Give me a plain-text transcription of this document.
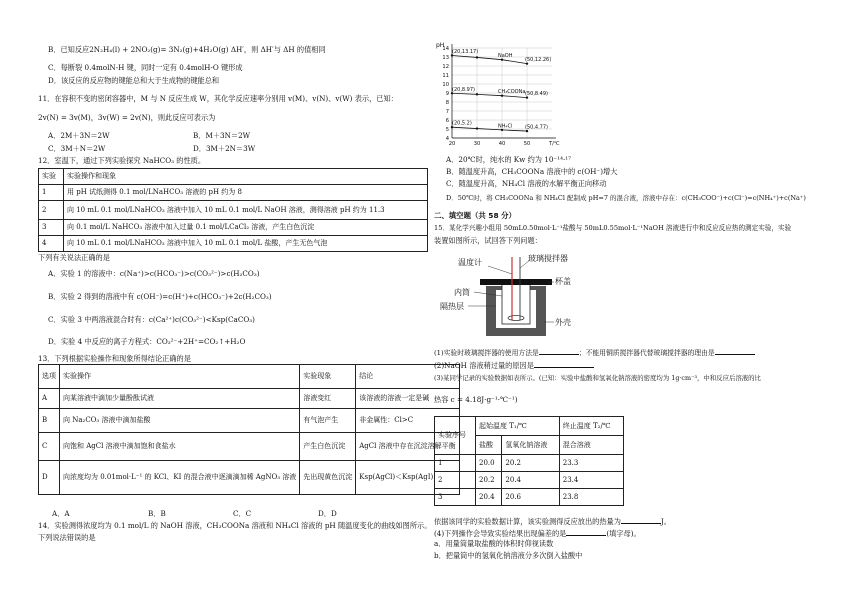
B．已知反应2N₂H₄(l) + 2NO₂(g)= 3N₂(g)+4H₂O(g) ΔH′，则 ΔH′与 ΔH 的值相同
C．每断裂 0.4molN-H 键，同时一定有 0.4molH-O 键形成
D．该反应的反应物的键能总和大于生成物的键能总和
11．在容积不变的密闭容器中，M 与 N 反应生成 W，其化学反应速率分别用 v(M)、v(N)、v(W) 表示，已知：
2v(N) = 3v(M)，3v(W) = 2v(N)，则此反应可表示为
A．2M＋3N＝2W	B．M＋3N＝2W
C．3M＋N＝2W	D．3M＋2N＝3W
12．室温下，通过下列实验探究 NaHCO₃ 的性质。
实验	实验操作和现象
1	用 pH 试纸测得 0.1 mol/LNaHCO₃ 溶液的 pH 约为 8
2	向 10 mL 0.1 mol/LNaHCO₃ 溶液中加入 10 mL 0.1 mol/L NaOH 溶液，测得溶液 pH 约为 11.3
3	向 0.1 mol/L NaHCO₃ 溶液中加入过量 0.1 mol/LCaCl₂ 溶液，产生白色沉淀
4	向 10 mL 0.1 mol/LNaHCO₃ 溶液中加入 10 mL 0.1 mol/L 盐酸，产生无色气泡
下列有关说法正确的是
A．实验 1 的溶液中：c(Na⁺)>c(HCO₃⁻)>c(CO₃²⁻)>c(H₂CO₃)
B．实验 2 得到的溶液中有 c(OH⁻)=c(H⁺)+c(HCO₃⁻)+2c(H₂CO₃)
C．实验 3 中两溶液混合时有：c(Ca²⁺)c(CO₃²⁻)<Ksp(CaCO₃)
D．实验 4 中反应的离子方程式：CO₃²⁻+2H⁺=CO₂↑+H₂O
13．下列根据实验操作和现象所得结论正确的是
选项	实验操作	实验现象	结论
A	向某溶液中滴加少量酚酞试液	溶液变红	该溶液的溶液一定是碱
B	向 Na₂CO₃ 溶液中滴加盐酸	有气泡产生	非金属性：Cl>C
C	向饱和 AgCl 溶液中滴加饱和食盐水	产生白色沉淀	AgCl 溶液中存在沉淀溶解平衡
D	向浓度均为 0.01mol·L⁻¹ 的 KCl、KI 的混合液中逐滴滴加稀 AgNO₃ 溶液	先出现黄色沉淀	Ksp(AgCl)＜Ksp(AgI)
A．A	B．B	C．C	D．D
14．实验测得浓度均为 0.1 mol/L 的 NaOH 溶液，CH₃COONa 溶液和 NH₄Cl 溶液的 pH 随温度变化的曲线如图所示。
下列说法错误的是
4
5
6
7
8
9
10
11
12
13
14
20	30	40	50
pH
T/℃
(20,13.17)
(50,12.26)
NaOH
(20,8.97)
(50,8.49)
CH₃COONa
(20,5.2)
(50,4.77)
NH₄Cl
A．20℃时，纯水的 Kw 约为 10⁻¹⁴·¹⁷
B．随温度升高，CH₃COONa 溶液中的 c(OH⁻)增大
C．随温度升高，NH₄Cl 溶液的水解平衡正向移动
D．50℃时，将 CH₃COONa 和 NH₄Cl 配制成 pH=7 的混合液，溶液中存在：c(CH₃COO⁻)+c(Cl⁻)=c(NH₄⁺)+c(Na⁺)
二、填空题（共 58 分）
15．某化学兴趣小组用 50mL0.50mol·L⁻¹盐酸与 50mL0.55mol·L⁻¹NaOH 溶液进行中和反应反应热的测定实验，实验
装置如图所示，试回答下列问题：
温度计	玻璃搅拌器
杯盖
内筒
隔热层
外壳
(1)实验时玻璃搅拌器的使用方法是	；不能用铜质搅拌器代替玻璃搅拌器的理由是
(2)NaOH 溶液稍过量的原因是
(3)某同学记录的实验数据如表所示。(已知：实验中盐酸和氢氧化钠溶液的密度均为 1g·cm⁻³，中和反应后溶液的比
热容 c = 4.18J·g⁻¹·℃⁻¹)
实验序号	起始温度 T₁/℃		终止温度 T₂/℃
	盐酸	氢氧化钠溶液	混合溶液
1	20.0	20.2	23.3
2	20.2	20.4	23.4
3	20.4	20.6	23.8
依据该同学的实验数据计算，该实验测得反应放出的热量为	J。
(4)下列操作会导致实验结果出现偏差的是	(填字母)。
a．用量筒量取盐酸的体积时仰视读数
b．把量筒中的氢氧化钠溶液分多次倒入盐酸中
